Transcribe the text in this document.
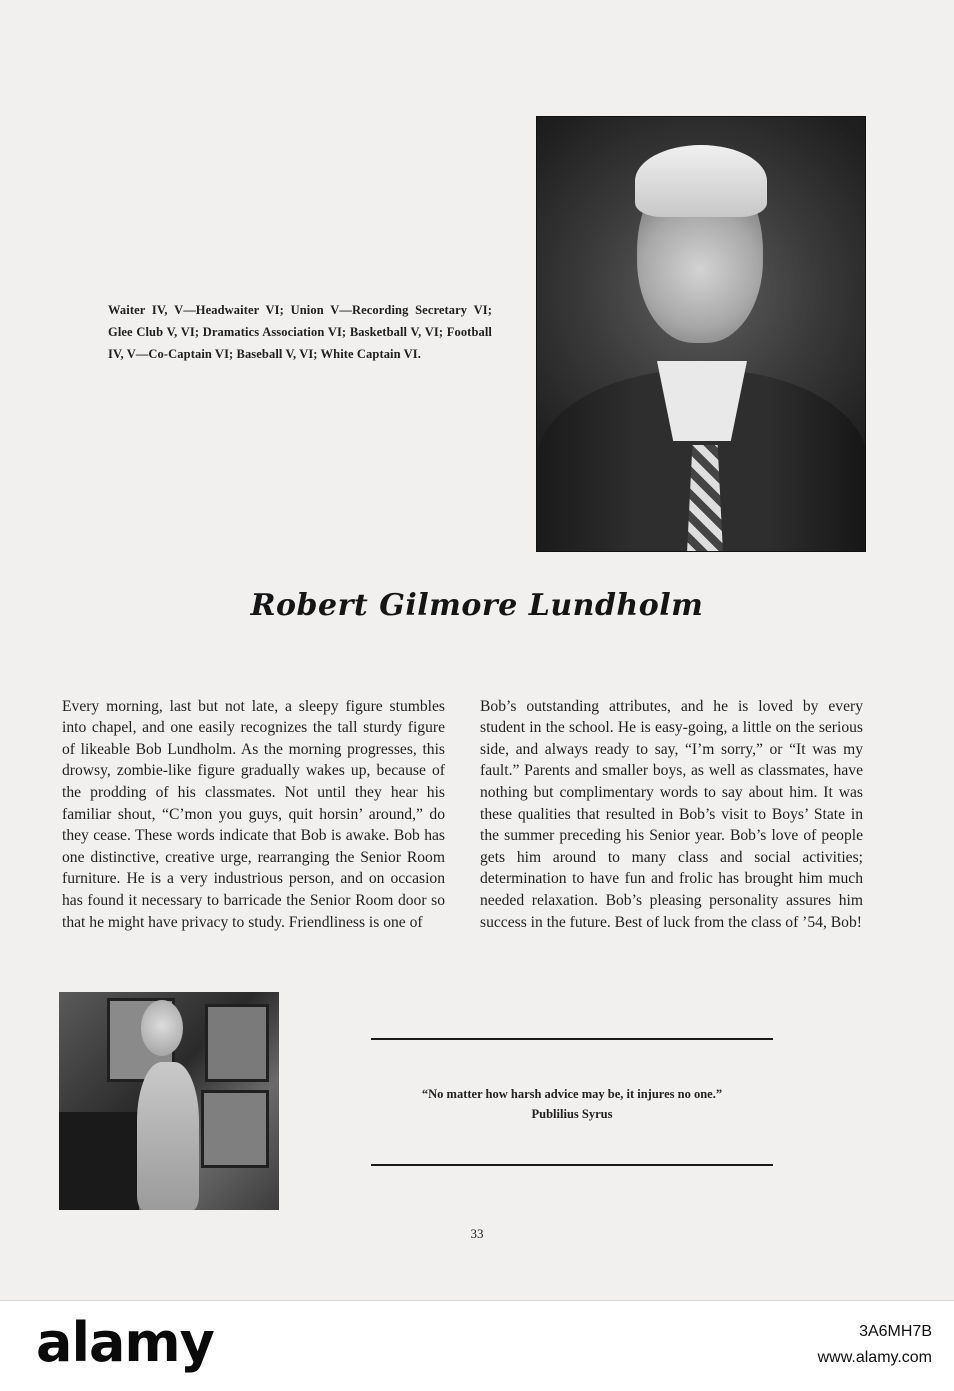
Waiter IV, V—Headwaiter VI; Union V—Recording Secretary VI; Glee Club V, VI; Dramatics Association VI; Basketball V, VI; Football IV, V—Co-Captain VI; Baseball V, VI; White Captain VI.

Robert Gilmore Lundholm

Every morning, last but not late, a sleepy figure stumbles into chapel, and one easily recognizes the tall sturdy figure of likeable Bob Lundholm. As the morning progresses, this drowsy, zombie-like figure gradually wakes up, because of the prodding of his classmates. Not until they hear his familiar shout, “C’mon you guys, quit horsin’ around,” do they cease. These words indicate that Bob is awake. Bob has one distinctive, creative urge, rearranging the Senior Room furniture. He is a very industrious person, and on occasion has found it necessary to barricade the Senior Room door so that he might have privacy to study. Friendliness is one of

Bob’s outstanding attributes, and he is loved by every student in the school. He is easy-going, a little on the serious side, and always ready to say, “I’m sorry,” or “It was my fault.” Parents and smaller boys, as well as classmates, have nothing but complimentary words to say about him. It was these qualities that resulted in Bob’s visit to Boys’ State in the summer preceding his Senior year. Bob’s love of people gets him around to many class and social activities; determination to have fun and frolic has brought him much needed relaxation. Bob’s pleasing personality assures him success in the future. Best of luck from the class of ’54, Bob!

“No matter how harsh advice may be, it injures no one.”
Publilius Syrus
33
alamy	3A6MH7B
www.alamy.com
